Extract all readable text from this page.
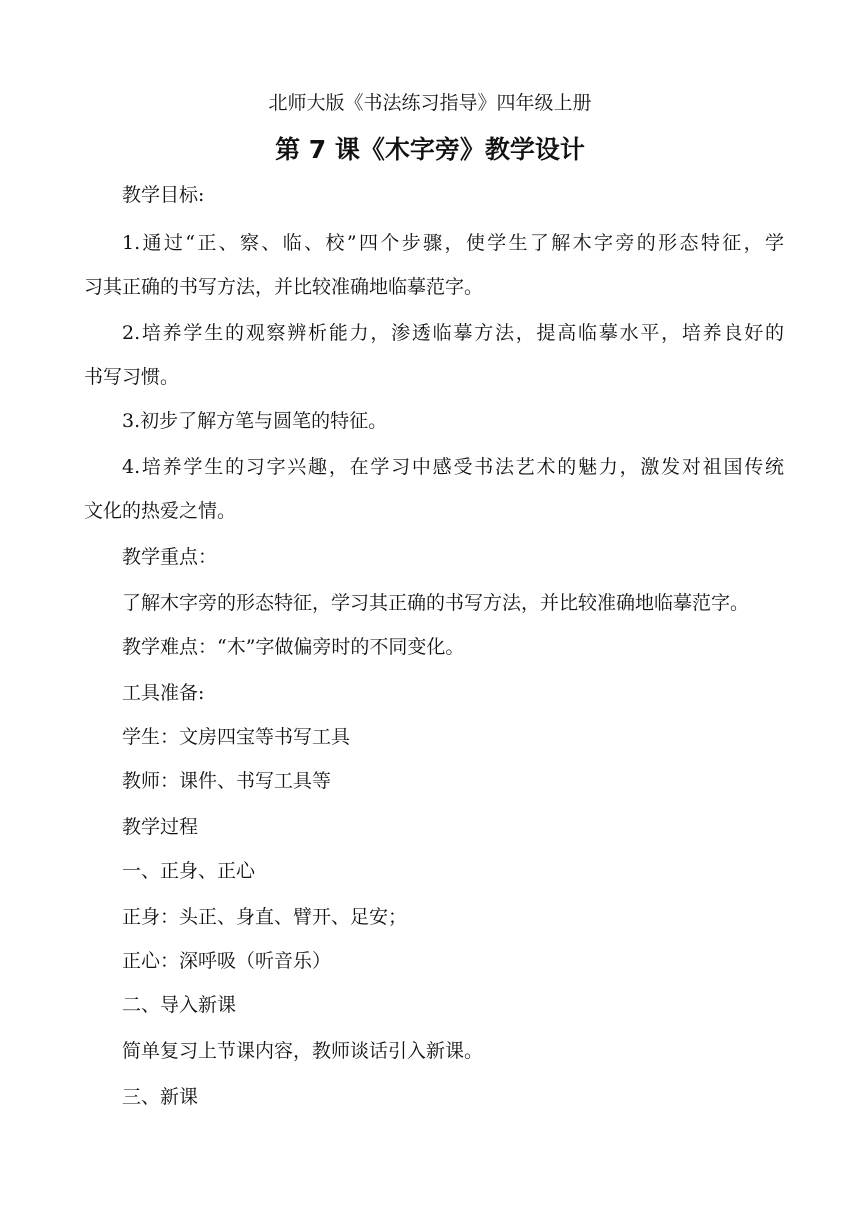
北师大版《书法练习指导》四年级上册
第 7 课《木字旁》教学设计
教学目标:
1.通过“正、察、临、校”四个步骤，使学生了解木字旁的形态特征，学
习其正确的书写方法，并比较准确地临摹范字。
2.培养学生的观察辨析能力，渗透临摹方法，提高临摹水平，培养良好的
书写习惯。
3.初步了解方笔与圆笔的特征。
4.培养学生的习字兴趣，在学习中感受书法艺术的魅力，激发对祖国传统
文化的热爱之情。
教学重点：
了解木字旁的形态特征，学习其正确的书写方法，并比较准确地临摹范字。
教学难点：“木”字做偏旁时的不同变化。
工具准备:
学生：文房四宝等书写工具
教师：课件、书写工具等
教学过程
一、正身、正心
正身：头正、身直、臂开、足安；
正心：深呼吸（听音乐）
二、导入新课
简单复习上节课内容，教师谈话引入新课。
三、新课
